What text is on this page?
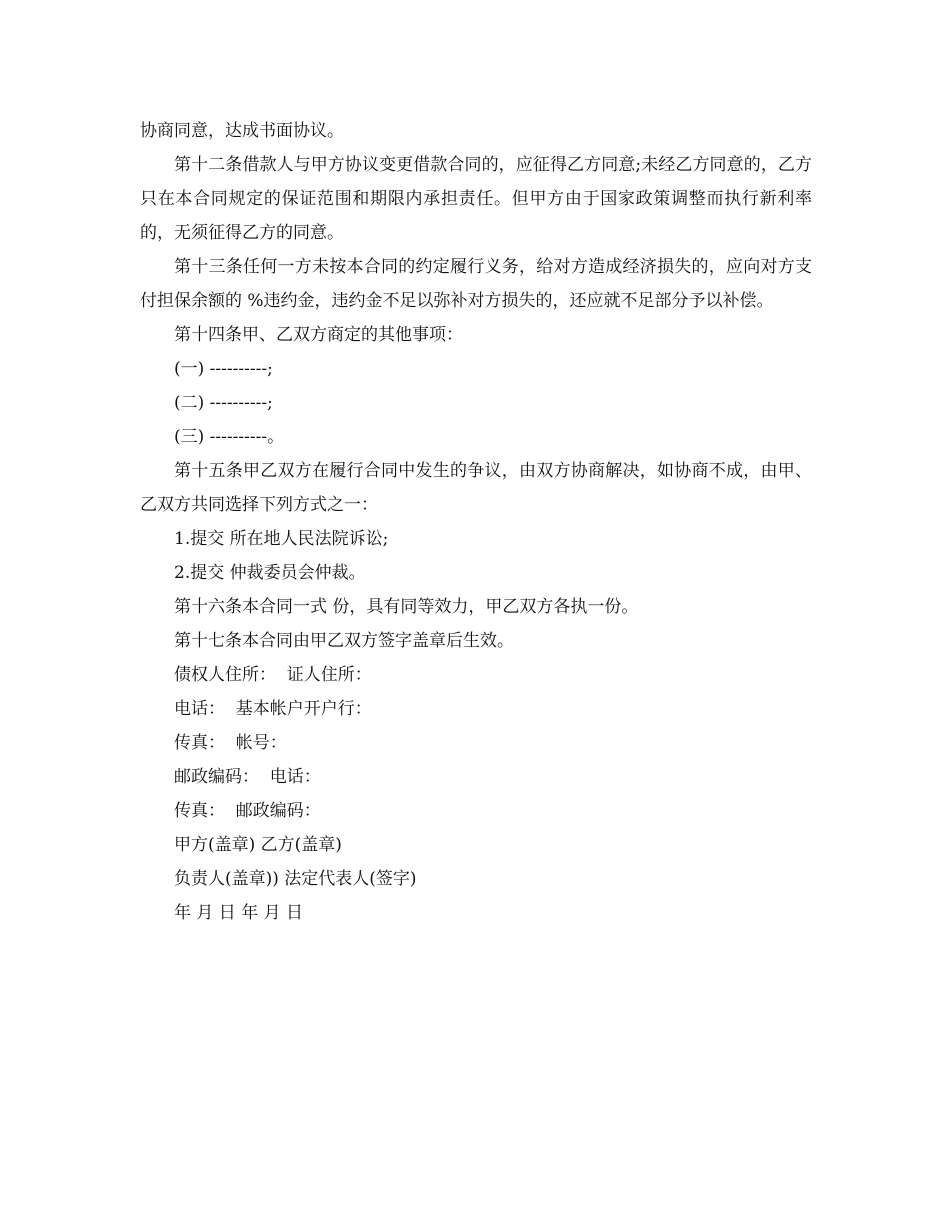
协商同意，达成书面协议。

第十二条借款人与甲方协议变更借款合同的，应征得乙方同意;未经乙方同意的，乙方只在本合同规定的保证范围和期限内承担责任。但甲方由于国家政策调整而执行新利率的，无须征得乙方的同意。

第十三条任何一方未按本合同的约定履行义务，给对方造成经济损失的，应向对方支付担保余额的 %违约金，违约金不足以弥补对方损失的，还应就不足部分予以补偿。

第十四条甲、乙双方商定的其他事项：

(一) ----------;

(二) ----------;

(三) ----------。

第十五条甲乙双方在履行合同中发生的争议，由双方协商解决，如协商不成，由甲、乙双方共同选择下列方式之一：

1.提交 所在地人民法院诉讼;

2.提交 仲裁委员会仲裁。

第十六条本合同一式 份，具有同等效力，甲乙双方各执一份。

第十七条本合同由甲乙双方签字盖章后生效。

债权人住所：  证人住所：

电话：  基本帐户开户行：

传真：  帐号：

邮政编码：  电话：

传真：  邮政编码：

甲方(盖章) 乙方(盖章)

负责人(盖章)) 法定代表人(签字)

年 月 日 年 月 日
